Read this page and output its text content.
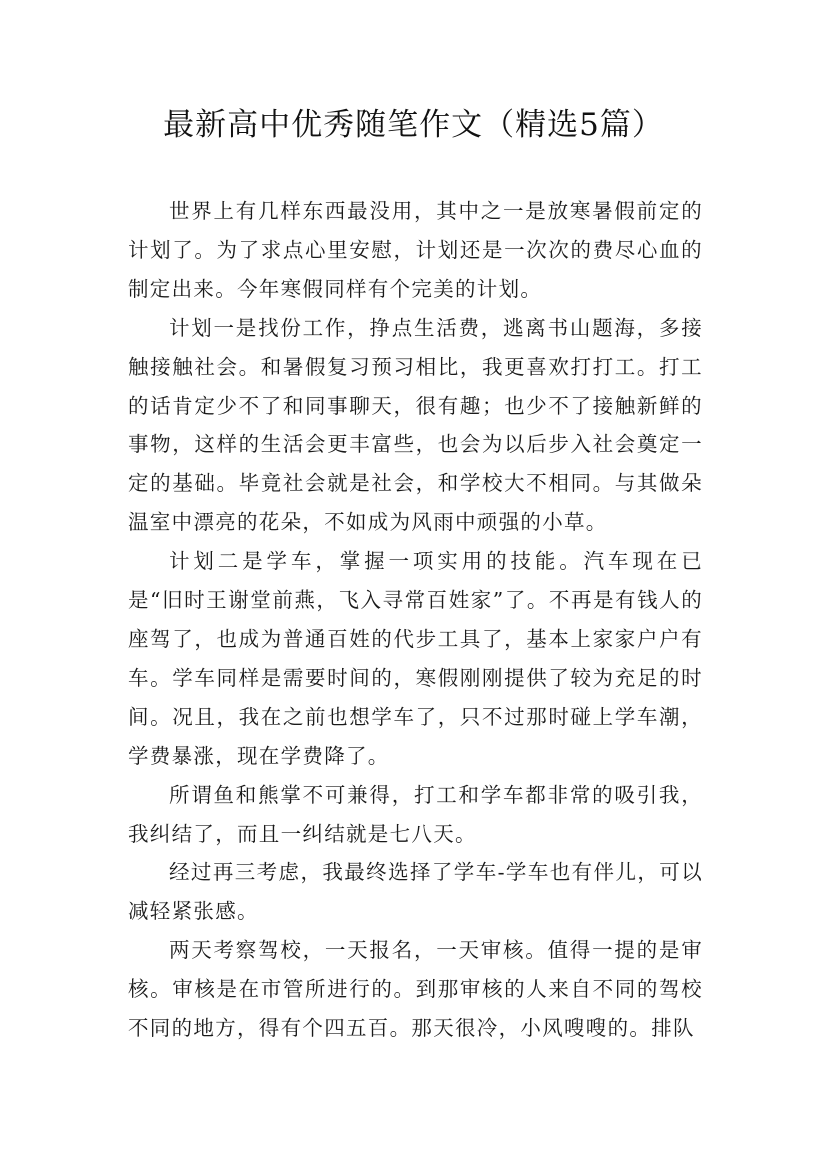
最新高中优秀随笔作文（精选5篇）

世界上有几样东西最没用，其中之一是放寒暑假前定的计划了。为了求点心里安慰，计划还是一次次的费尽心血的制定出来。今年寒假同样有个完美的计划。

计划一是找份工作，挣点生活费，逃离书山题海，多接触接触社会。和暑假复习预习相比，我更喜欢打打工。打工的话肯定少不了和同事聊天，很有趣；也少不了接触新鲜的事物，这样的生活会更丰富些，也会为以后步入社会奠定一定的基础。毕竟社会就是社会，和学校大不相同。与其做朵温室中漂亮的花朵，不如成为风雨中顽强的小草。

计划二是学车，掌握一项实用的技能。汽车现在已是“旧时王谢堂前燕，飞入寻常百姓家”了。不再是有钱人的座驾了，也成为普通百姓的代步工具了，基本上家家户户有车。学车同样是需要时间的，寒假刚刚提供了较为充足的时间。况且，我在之前也想学车了，只不过那时碰上学车潮，学费暴涨，现在学费降了。

所谓鱼和熊掌不可兼得，打工和学车都非常的吸引我，我纠结了，而且一纠结就是七八天。

经过再三考虑，我最终选择了学车-学车也有伴儿，可以减轻紧张感。

两天考察驾校，一天报名，一天审核。值得一提的是审核。审核是在市管所进行的。到那审核的人来自不同的驾校不同的地方，得有个四五百。那天很冷，小风嗖嗖的。排队
